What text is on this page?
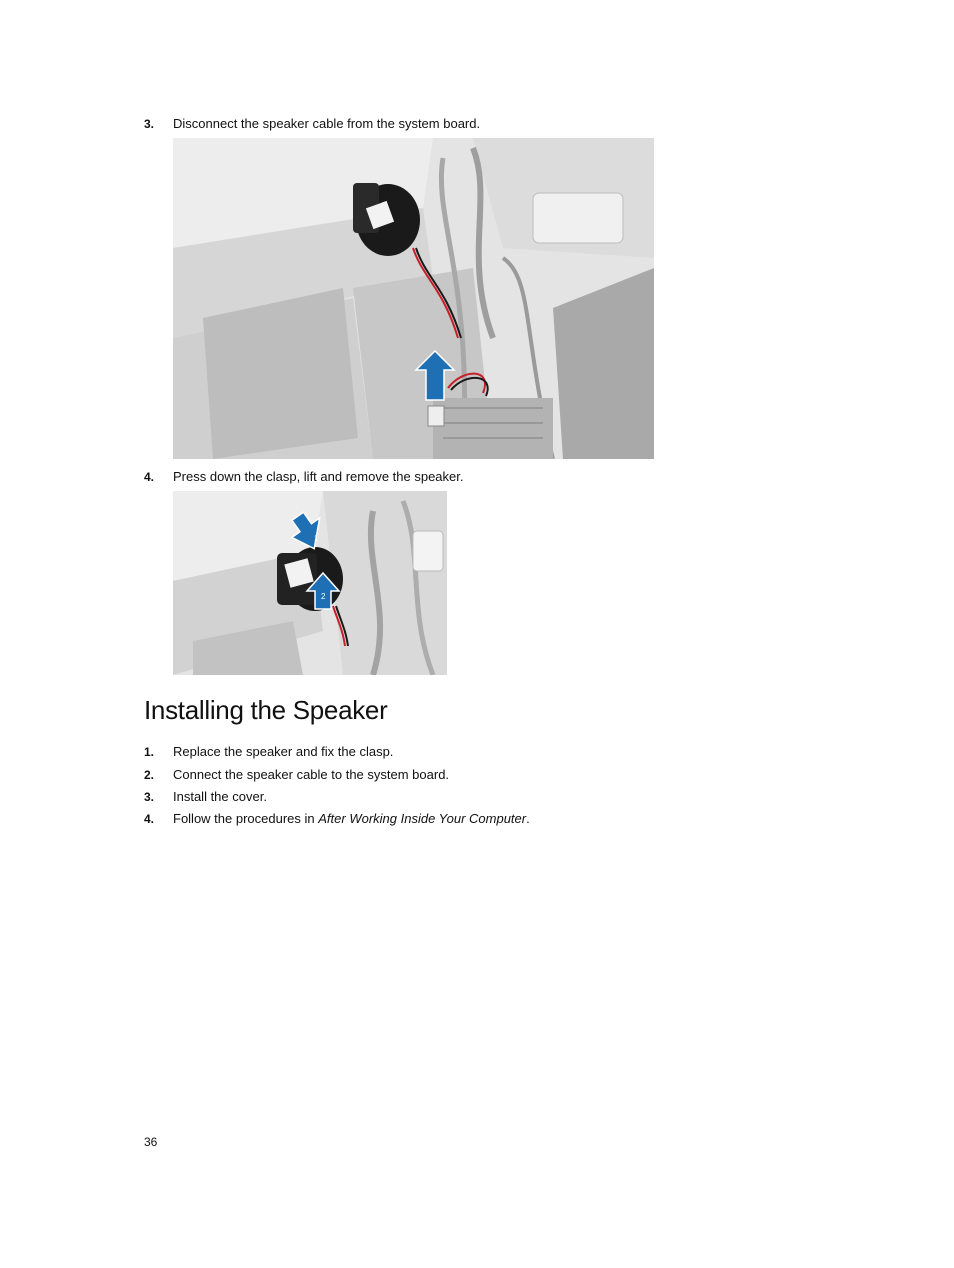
3. Disconnect the speaker cable from the system board.
4. Press down the clasp, lift and remove the speaker.
1
2
Installing the Speaker
1. Replace the speaker and fix the clasp.
2. Connect the speaker cable to the system board.
3. Install the cover.
4. Follow the procedures in After Working Inside Your Computer.
36
